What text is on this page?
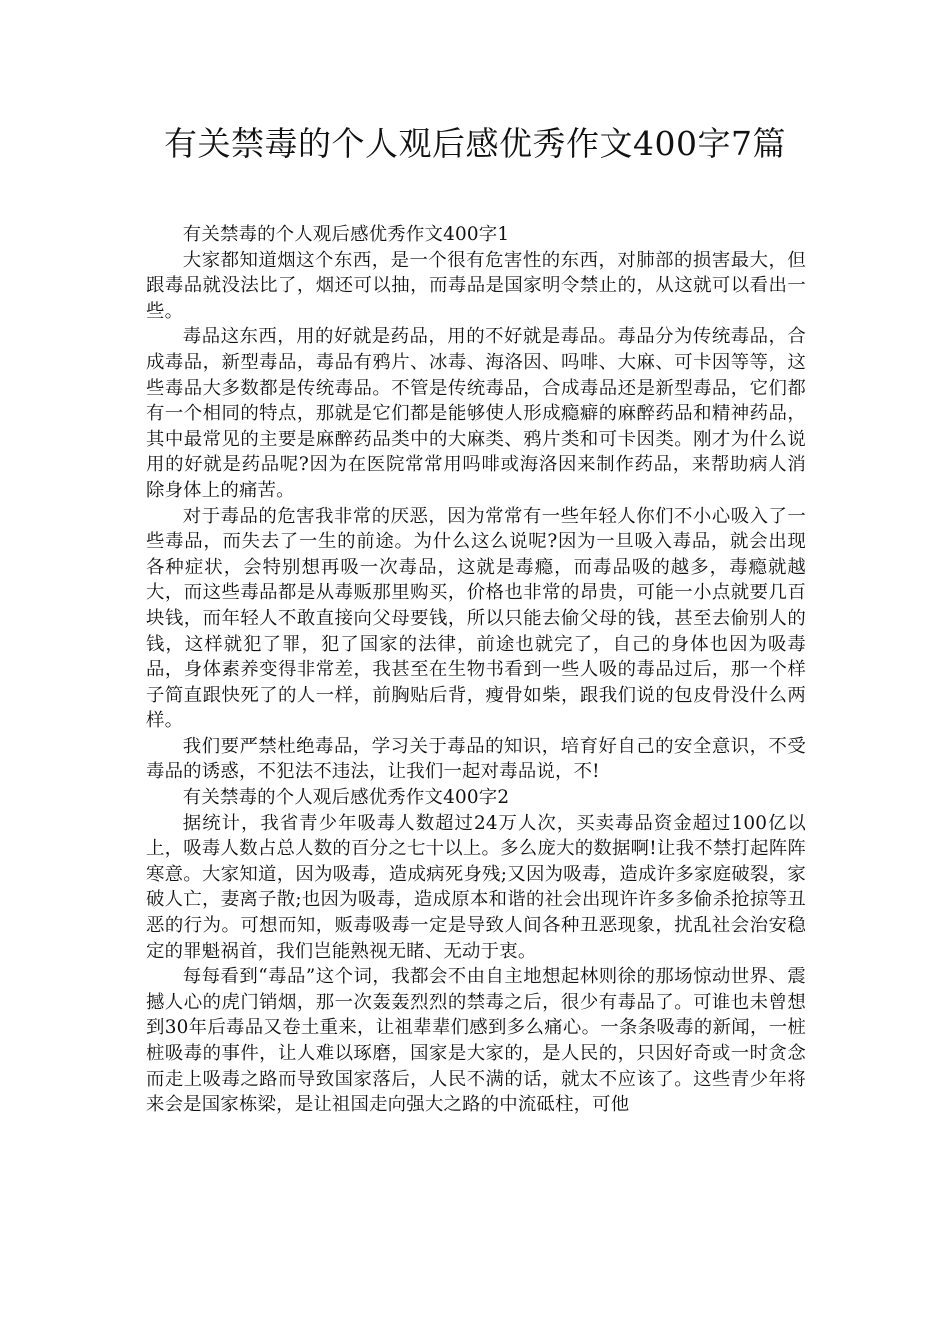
有关禁毒的个人观后感优秀作文400字7篇

有关禁毒的个人观后感优秀作文400字1

大家都知道烟这个东西，是一个很有危害性的东西，对肺部的损害最大，但跟毒品就没法比了，烟还可以抽，而毒品是国家明令禁止的，从这就可以看出一些。

毒品这东西，用的好就是药品，用的不好就是毒品。毒品分为传统毒品，合成毒品，新型毒品，毒品有鸦片、冰毒、海洛因、吗啡、大麻、可卡因等等，这些毒品大多数都是传统毒品。不管是传统毒品，合成毒品还是新型毒品，它们都有一个相同的特点，那就是它们都是能够使人形成瘾癖的麻醉药品和精神药品，其中最常见的主要是麻醉药品类中的大麻类、鸦片类和可卡因类。刚才为什么说用的好就是药品呢?因为在医院常常用吗啡或海洛因来制作药品，来帮助病人消除身体上的痛苦。

对于毒品的危害我非常的厌恶，因为常常有一些年轻人你们不小心吸入了一些毒品，而失去了一生的前途。为什么这么说呢?因为一旦吸入毒品，就会出现各种症状，会特别想再吸一次毒品，这就是毒瘾，而毒品吸的越多，毒瘾就越大，而这些毒品都是从毒贩那里购买，价格也非常的昂贵，可能一小点就要几百块钱，而年轻人不敢直接向父母要钱，所以只能去偷父母的钱，甚至去偷别人的钱，这样就犯了罪，犯了国家的法律，前途也就完了，自己的身体也因为吸毒品，身体素养变得非常差，我甚至在生物书看到一些人吸的毒品过后，那一个样子简直跟快死了的人一样，前胸贴后背，瘦骨如柴，跟我们说的包皮骨没什么两样。

我们要严禁杜绝毒品，学习关于毒品的知识，培育好自己的安全意识，不受毒品的诱惑，不犯法不违法，让我们一起对毒品说，不!

有关禁毒的个人观后感优秀作文400字2

据统计，我省青少年吸毒人数超过24万人次，买卖毒品资金超过100亿以上，吸毒人数占总人数的百分之七十以上。多么庞大的数据啊!让我不禁打起阵阵寒意。大家知道，因为吸毒，造成病死身残;又因为吸毒，造成许多家庭破裂，家破人亡，妻离子散;也因为吸毒，造成原本和谐的社会出现许许多多偷杀抢掠等丑恶的行为。可想而知，贩毒吸毒一定是导致人间各种丑恶现象，扰乱社会治安稳定的罪魁祸首，我们岂能熟视无睹、无动于衷。

每每看到“毒品”这个词，我都会不由自主地想起林则徐的那场惊动世界、震撼人心的虎门销烟，那一次轰轰烈烈的禁毒之后，很少有毒品了。可谁也未曾想到30年后毒品又卷土重来，让祖辈辈们感到多么痛心。一条条吸毒的新闻，一桩桩吸毒的事件，让人难以琢磨，国家是大家的，是人民的，只因好奇或一时贪念而走上吸毒之路而导致国家落后，人民不满的话，就太不应该了。这些青少年将来会是国家栋梁，是让祖国走向强大之路的中流砥柱，可他
